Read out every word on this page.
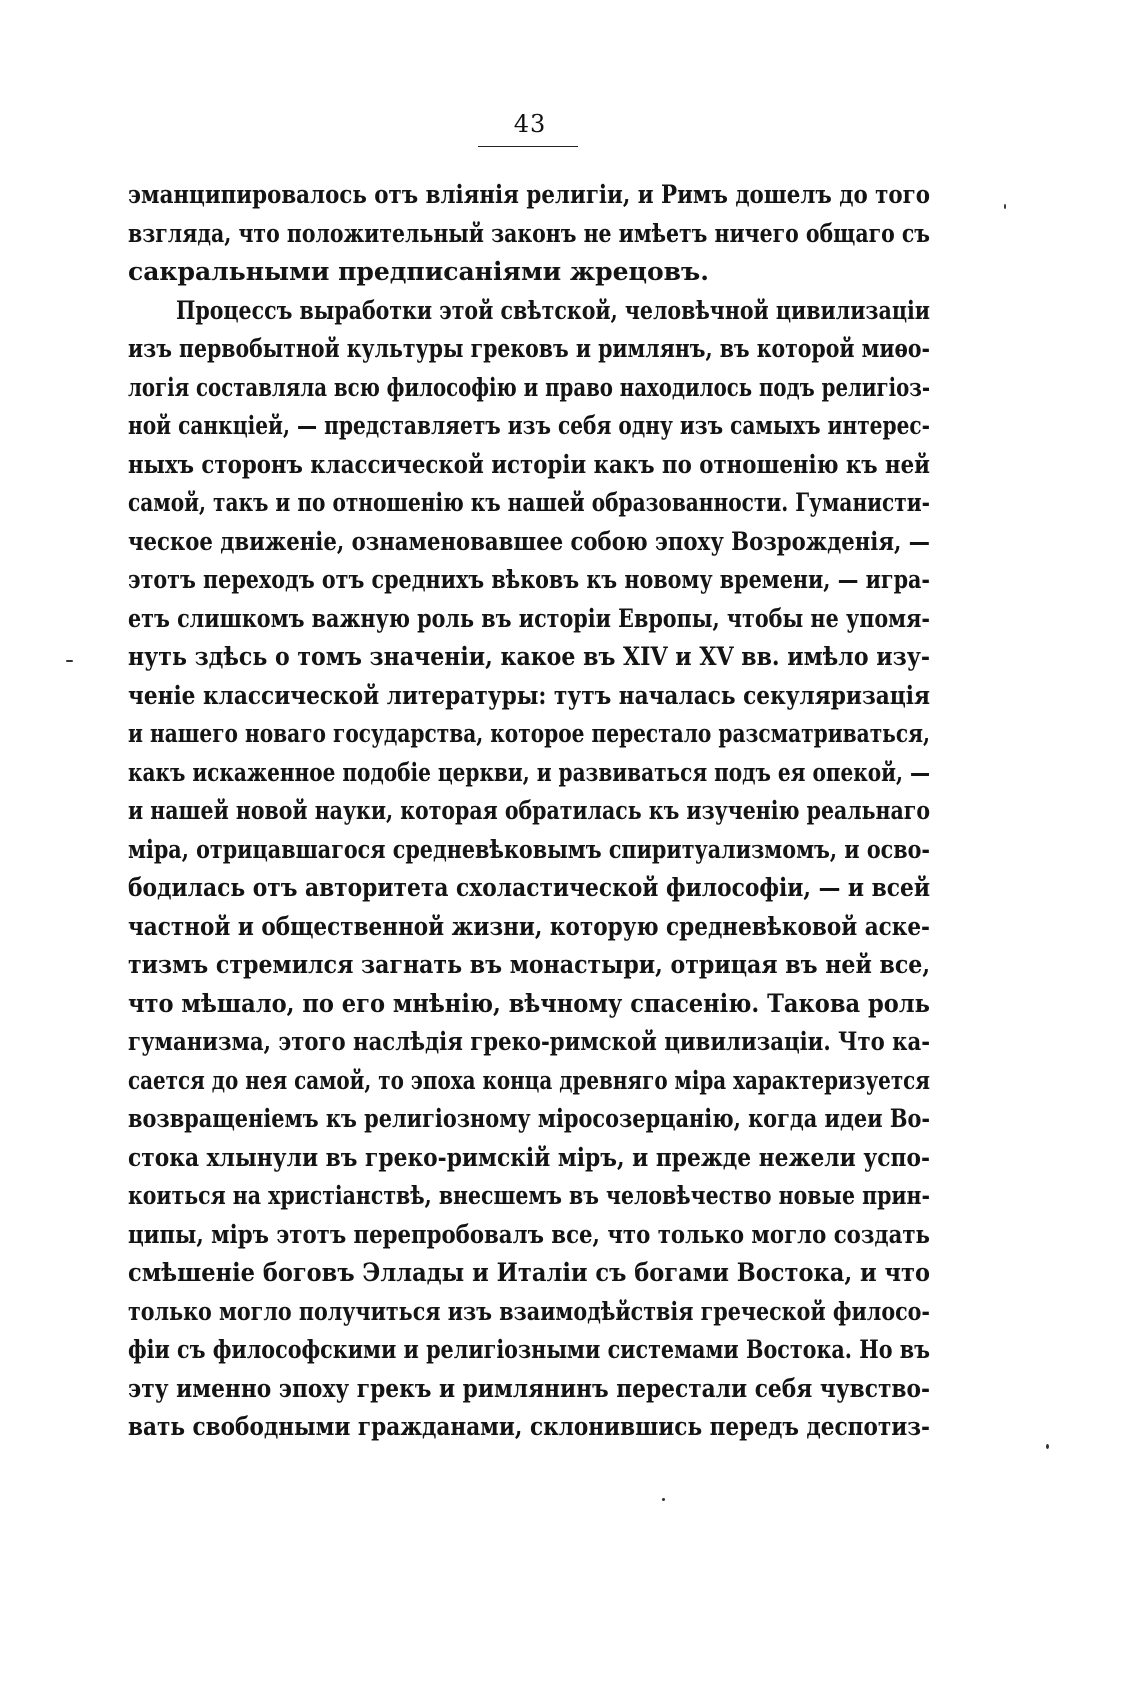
43
эманципировалось отъ вліянія религіи, и Римъ дошелъ до того
взгляда, что положительный законъ не имѣетъ ничего общаго съ
сакральными предписаніями жрецовъ.
Процессъ выработки этой свѣтской, человѣчной цивилизаціи
изъ первобытной культуры грековъ и римлянъ, въ которой миѳо-
логія составляла всю философію и право находилось подъ религіоз-
ной санкціей, — представляетъ изъ себя одну изъ самыхъ интерес-
ныхъ сторонъ классической исторіи какъ по отношенію къ ней
самой, такъ и по отношенію къ нашей образованности. Гуманисти-
ческое движеніе, ознаменовавшее собою эпоху Возрожденія, —
этотъ переходъ отъ среднихъ вѣковъ къ новому времени, — игра-
етъ слишкомъ важную роль въ исторіи Европы, чтобы не упомя-
нуть здѣсь о томъ значеніи, какое въ XIV и XV вв. имѣло изу-
ченіе классической литературы: тутъ началась секуляризація
и нашего новаго государства, которое перестало разсматриваться,
какъ искаженное подобіе церкви, и развиваться подъ ея опекой, —
и нашей новой науки, которая обратилась къ изученію реальнаго
міра, отрицавшагося средневѣковымъ спиритуализмомъ, и осво-
бодилась отъ авторитета схоластической философіи, — и всей
частной и общественной жизни, которую средневѣковой аске-
тизмъ стремился загнать въ монастыри, отрицая въ ней все,
что мѣшало, по его мнѣнію, вѣчному спасенію. Такова роль
гуманизма, этого наслѣдія греко-римской цивилизаціи. Что ка-
сается до нея самой, то эпоха конца древняго міра характеризуется
возвращеніемъ къ религіозному міросозерцанію, когда идеи Во-
стока хлынули въ греко-римскій міръ, и прежде нежели успо-
коиться на христіанствѣ, внесшемъ въ человѣчество новые прин-
ципы, міръ этотъ перепробовалъ все, что только могло создать
смѣшеніе боговъ Эллады и Италіи съ богами Востока, и что
только могло получиться изъ взаимодѣйствія греческой филосо-
фіи съ философскими и религіозными системами Востока. Но въ
эту именно эпоху грекъ и римлянинъ перестали себя чувство-
вать свободными гражданами, склонившись передъ деспотиз-
